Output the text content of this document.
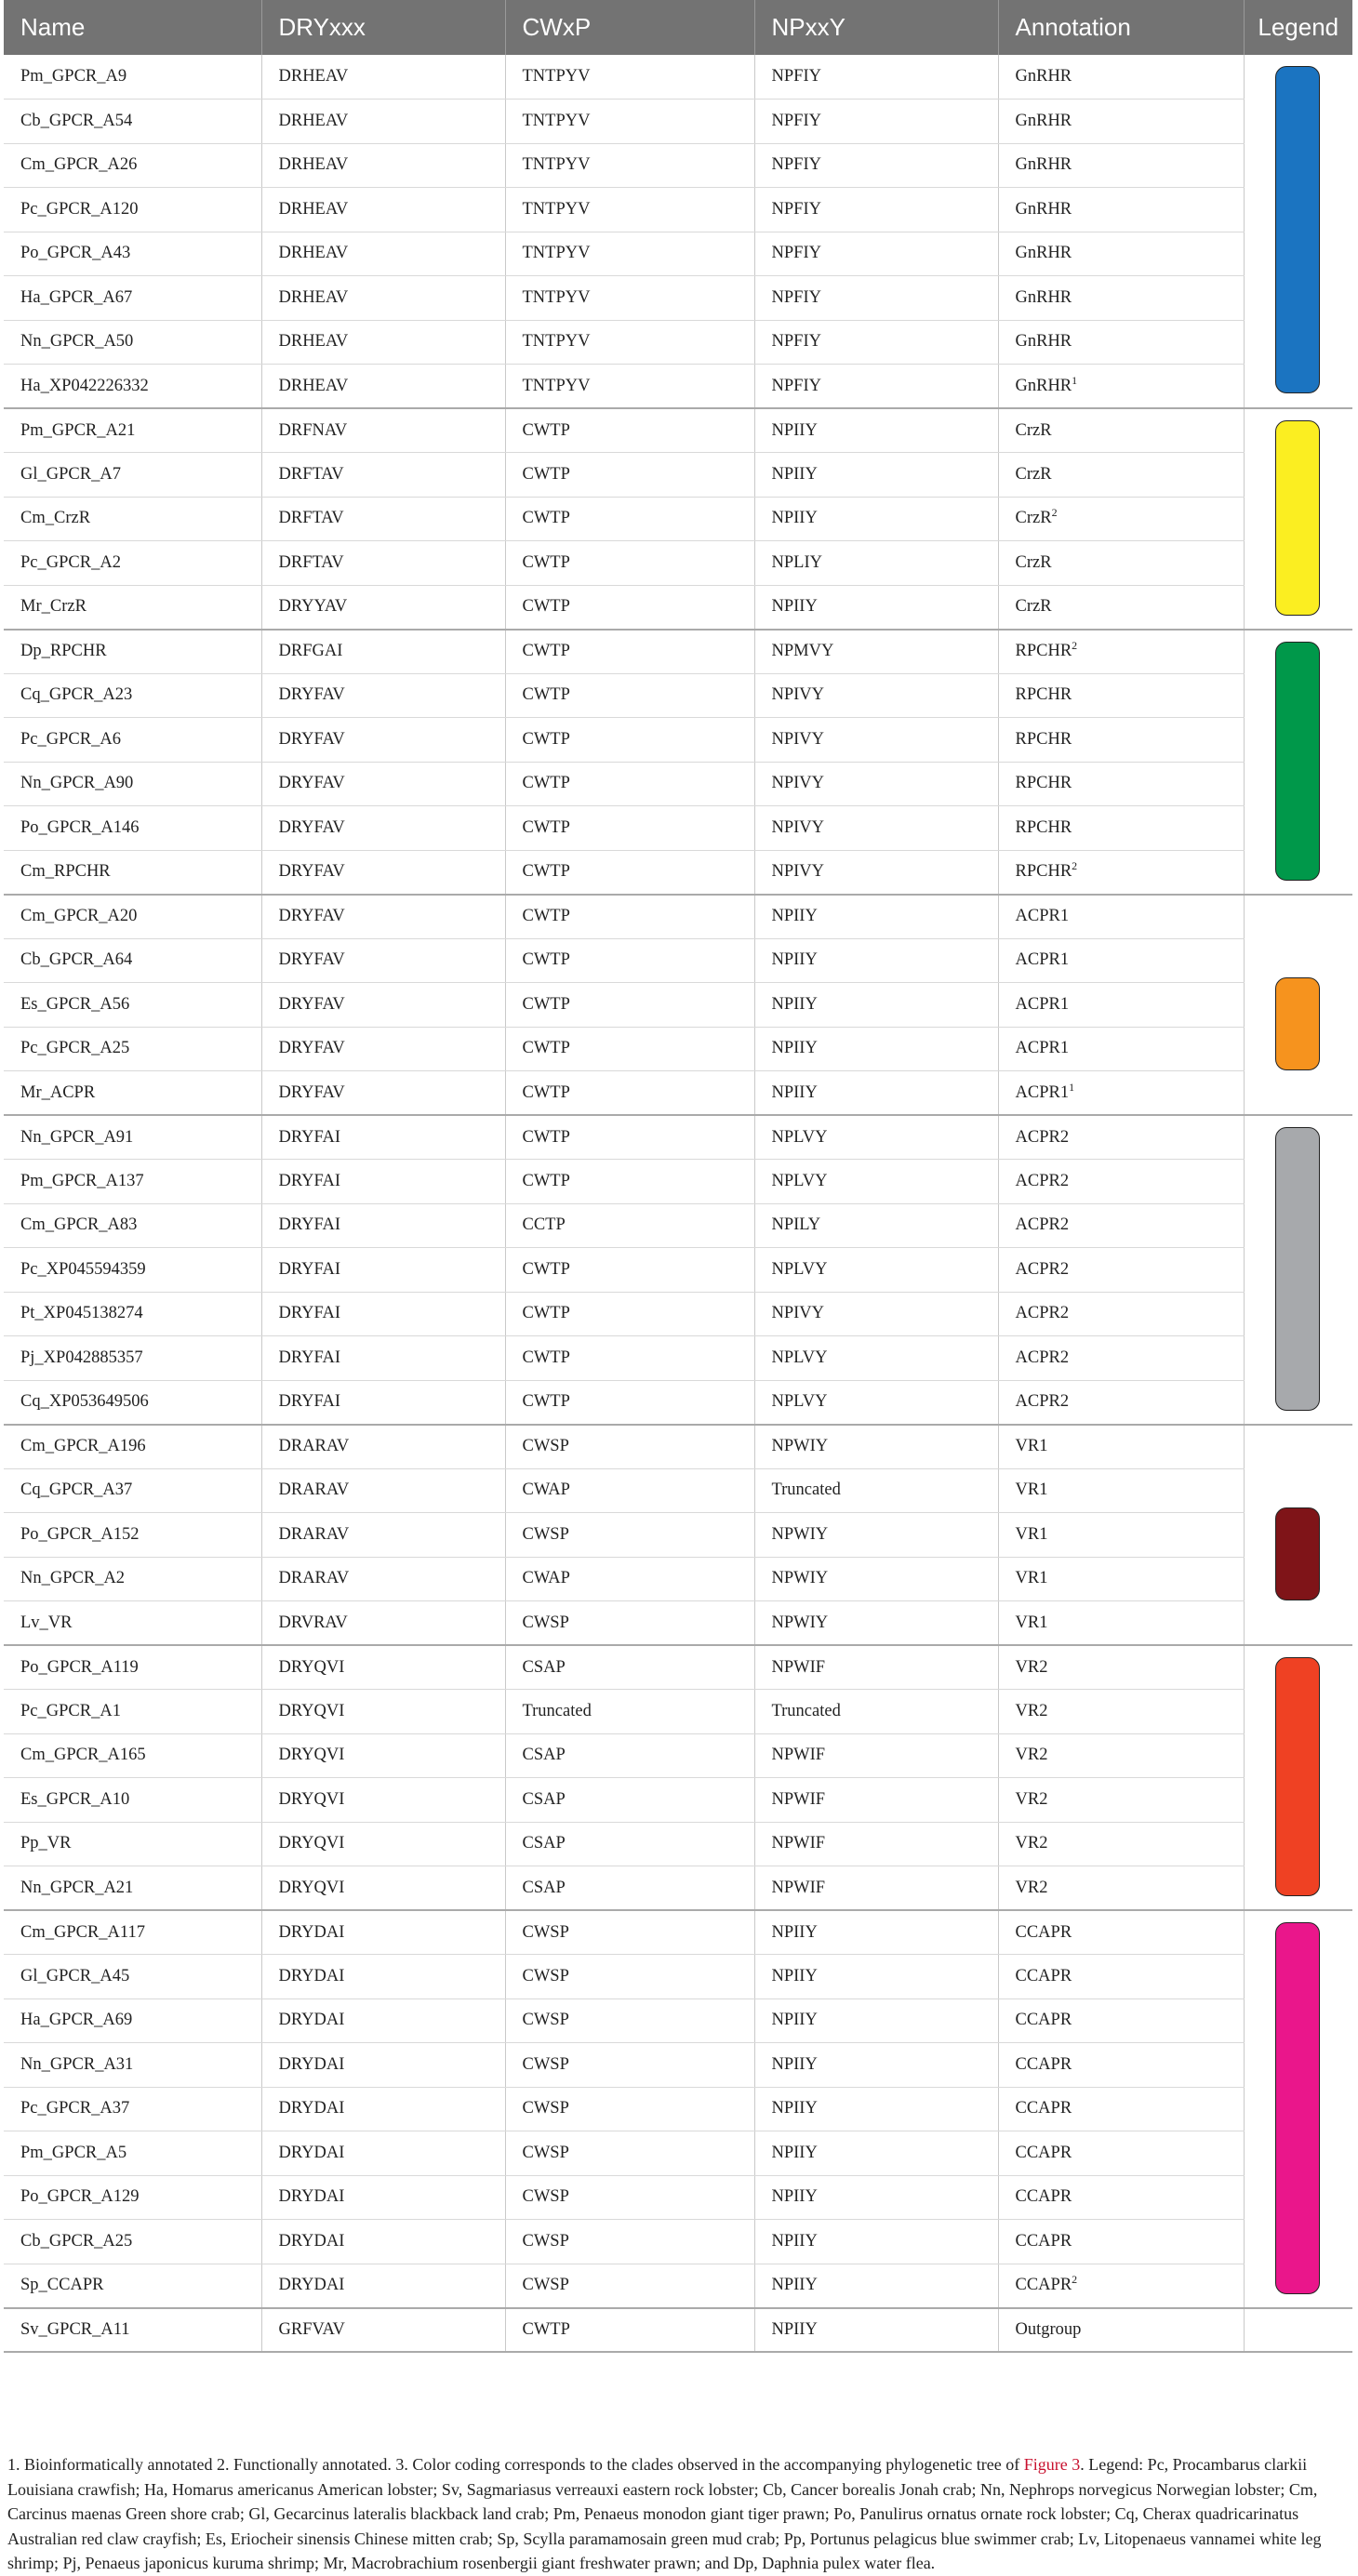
Name	DRYxxx	CWxP	NPxxY	Annotation	Legend
Pm_GPCR_A9	DRHEAV	TNTPYV	NPFIY	GnRHR	

Cb_GPCR_A54	DRHEAV	TNTPYV	NPFIY	GnRHR	
Cm_GPCR_A26	DRHEAV	TNTPYV	NPFIY	GnRHR	
Pc_GPCR_A120	DRHEAV	TNTPYV	NPFIY	GnRHR	
Po_GPCR_A43	DRHEAV	TNTPYV	NPFIY	GnRHR	
Ha_GPCR_A67	DRHEAV	TNTPYV	NPFIY	GnRHR	
Nn_GPCR_A50	DRHEAV	TNTPYV	NPFIY	GnRHR	
Ha_XP042226332	DRHEAV	TNTPYV	NPFIY	GnRHR$^1$
Pm_GPCR_A21	DRFNAV	CWTP	NPIIY	CrzR	

Gl_GPCR_A7	DRFTAV	CWTP	NPIIY	CrzR	
Cm_CrzR	DRFTAV	CWTP	NPIIY	CrzR$^2$
Pc_GPCR_A2	DRFTAV	CWTP	NPLIY	CrzR	
Mr_CrzR	DRYYAV	CWTP	NPIIY	CrzR	
Dp_RPCHR	DRFGAI	CWTP	NPMVY	RPCHR$^2$	

Cq_GPCR_A23	DRYFAV	CWTP	NPIVY	RPCHR	
Pc_GPCR_A6	DRYFAV	CWTP	NPIVY	RPCHR	
Nn_GPCR_A90	DRYFAV	CWTP	NPIVY	RPCHR	
Po_GPCR_A146	DRYFAV	CWTP	NPIVY	RPCHR	
Cm_RPCHR	DRYFAV	CWTP	NPIVY	RPCHR$^2$
Cm_GPCR_A20	DRYFAV	CWTP	NPIIY	ACPR1	

Cb_GPCR_A64	DRYFAV	CWTP	NPIIY	ACPR1	
Es_GPCR_A56	DRYFAV	CWTP	NPIIY	ACPR1	
Pc_GPCR_A25	DRYFAV	CWTP	NPIIY	ACPR1	
Mr_ACPR	DRYFAV	CWTP	NPIIY	$ACPR1^1$
Nn_GPCR_A91	DRYFAI	CWTP	NPLVY	ACPR2	

Pm_GPCR_A137	DRYFAI	CWTP	NPLVY	ACPR2	
Cm_GPCR_A83	DRYFAI	CCTP	NPILY	ACPR2	
Pc_XP045594359	DRYFAI	CWTP	NPLVY	ACPR2	
Pt_XP045138274	DRYFAI	CWTP	NPIVY	ACPR2	
Pj_XP042885357	DRYFAI	CWTP	NPLVY	ACPR2	
Cq_XP053649506	DRYFAI	CWTP	NPLVY	ACPR2	
Cm_GPCR_A196	DRARAV	CWSP	NPWIY	VR1	

Cq_GPCR_A37	DRARAV	CWAP	Truncated	VR1	
Po_GPCR_A152	DRARAV	CWSP	NPWIY	VR1	
Nn_GPCR_A2	DRARAV	CWAP	NPWIY	VR1	
Lv_VR	DRVRAV	CWSP	NPWIY	VR1	
Po_GPCR_A119	DRYQVI	CSAP	NPWIF	VR2	

Pc_GPCR_A1	DRYQVI	Truncated	Truncated	VR2	
Cm_GPCR_A165	DRYQVI	CSAP	NPWIF	VR2	
Es_GPCR_A10	DRYQVI	CSAP	NPWIF	VR2	
Pp_VR	DRYQVI	CSAP	NPWIF	VR2	
Nn_GPCR_A21	DRYQVI	CSAP	NPWIF	VR2	
Cm_GPCR_A117	DRYDAI	CWSP	NPIIY	CCAPR	

Gl_GPCR_A45	DRYDAI	CWSP	NPIIY	CCAPR	
Ha_GPCR_A69	DRYDAI	CWSP	NPIIY	CCAPR	
Nn_GPCR_A31	DRYDAI	CWSP	NPIIY	CCAPR	
Pc_GPCR_A37	DRYDAI	CWSP	NPIIY	CCAPR	
Pm_GPCR_A5	DRYDAI	CWSP	NPIIY	CCAPR	
Po_GPCR_A129	DRYDAI	CWSP	NPIIY	CCAPR	
Cb_GPCR_A25	DRYDAI	CWSP	NPIIY	CCAPR	
Sp_CCAPR	DRYDAI	CWSP	NPIIY	CCAPR$^2$
Sv_GPCR_A11	GRFVAV	CWTP	NPIIY	Outgroup	
1. Bioinformatically annotated 2. Functionally annotated. 3. Color coding corresponds to the clades observed in the accompanying phylogenetic tree of Figure 3. Legend: Pc, Procambarus clarkii Louisiana crawfish; Ha, Homarus americanus American lobster; Sv, Sagmariasus verreauxi eastern rock lobster; Cb, Cancer borealis Jonah crab; Nn, Nephrops norvegicus Norwegian lobster; Cm, Carcinus maenas Green shore crab; Gl, Gecarcinus lateralis blackback land crab; Pm, Penaeus monodon giant tiger prawn; Po, Panulirus ornatus ornate rock lobster; Cq, Cherax quadricarinatus Australian red claw crayfish; Es, Eriocheir sinensis Chinese mitten crab; Sp, Scylla paramamosain green mud crab; Pp, Portunus pelagicus blue swimmer crab; Lv, Litopenaeus vannamei white leg shrimp; Pj, Penaeus japonicus kuruma shrimp; Mr, Macrobrachium rosenbergii giant freshwater prawn; and Dp, Daphnia pulex water flea.
